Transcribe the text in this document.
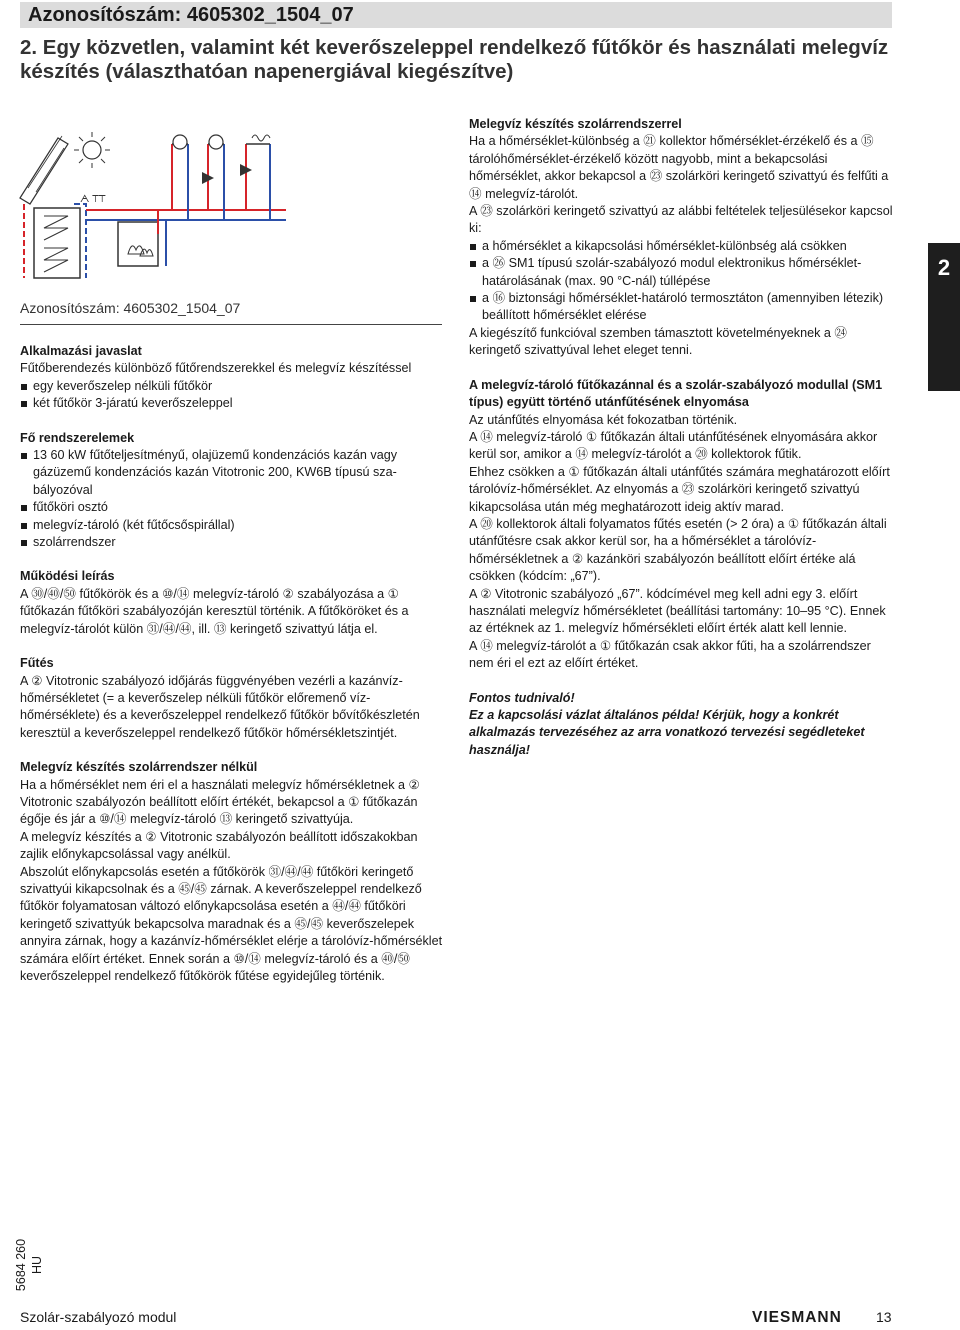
Azonosítószám: 4605302_1504_07
2. Egy közvetlen, valamint két keverőszeleppel rendelkező fűtőkör és használati melegvíz készítés (választhatóan napenergiával kiegészítve)
ᗅ ⊤⊤
Azonosítószám: 4605302_1504_07

Alkalmazási javaslat

Fűtőberendezés különböző fűtőrendszerekkel és melegvíz készítéssel

egy keverőszelep nélküli fűtőkör

két fűtőkör 3-járatú keverőszeleppel

Fő rendszerelemek

13 60 kW fűtőteljesítményű, olajüzemű kondenzációs kazán vagy gázüzemű kondenzációs kazán Vitotronic 200, KW6B típusú szabályozóval

fűtőköri osztó

melegvíz-tároló (két fűtőcsőspirállal)

szolárrendszer

Működési leírás

A ㉚/㊵/㊿ fűtőkörök és a ⑩/⑭ melegvíz-tároló ② szabályozása a ① fűtőkazán fűtőköri szabályozóján keresztül történik. A fűtőköröket és a melegvíz-tárolót külön ㉛/㊹/㊹, ill. ⑬ keringető szivattyú látja el.

Fűtés

A ② Vitotronic szabályozó időjárás függvényében vezérli a kazánvíz-hőmérsékletet (= a keverőszelep nélküli fűtőkör előremenő vízhőmérséklete) és a keverőszeleppel rendelkező fűtőkör bővítőkészletén keresztül a keverőszeleppel rendelkező fűtőkör hőmérsékletszintjét.

Melegvíz készítés szolárrendszer nélkül

Ha a hőmérséklet nem éri el a használati melegvíz hőmérsékletnek a ② Vitotronic szabályozón beállított előírt értékét, bekapcsol a ① fűtőkazán égője és jár a ⑩/⑭ melegvíz-tároló ⑬ keringető szivattyúja.

A melegvíz készítés a ② Vitotronic szabályozón beállított időszakokban zajlik előnykapcsolással vagy anélkül.

Abszolút előnykapcsolás esetén a fűtőkörök ㉛/㊹/㊹ fűtőköri keringető szivattyúi kikapcsolnak és a ㊺/㊺ zárnak. A keverőszeleppel rendelkező fűtőkör folyamatosan változó előnykapcsolása esetén a ㊹/㊹ fűtőköri keringető szivattyúk bekapcsolva maradnak és a ㊺/㊺ keverőszelepek annyira zárnak, hogy a kazánvíz-hőmérséklet elérje a tárolóvíz-hőmérséklet számára előírt értéket. Ennek során a ⑩/⑭ melegvíz-tároló és a ㊵/㊿ keverőszeleppel rendelkező fűtőkörök fűtése egyidejűleg történik.

Melegvíz készítés szolárrendszerrel

Ha a hőmérséklet-különbség a ㉑ kollektor hőmérséklet-érzékelő és a ⑮ tárolóhőmérséklet-érzékelő között nagyobb, mint a bekapcsolási hőmérséklet, akkor bekapcsol a ㉓ szolárköri keringető szivattyú és felfűti a ⑭ melegvíz-tárolót.

A ㉓ szolárköri keringető szivattyú az alábbi feltételek teljesülésekor kapcsol ki:

a hőmérséklet a kikapcsolási hőmérséklet-különbség alá csökken

a ㉖ SM1 típusú szolár-szabályozó modul elektronikus hőmérséklet-határolásának (max. 90 °C-nál) túllépése

a ⑯ biztonsági hőmérséklet-határoló termosztáton (amennyiben létezik) beállított hőmérséklet elérése

A kiegészítő funkcióval szemben támasztott követelményeknek a ㉔ keringető szivattyúval lehet eleget tenni.

A melegvíz-tároló fűtőkazánnal és a szolár-szabályozó modullal (SM1 típus) együtt történő utánfűtésének elnyomása

Az utánfűtés elnyomása két fokozatban történik.

A ⑭ melegvíz-tároló ① fűtőkazán általi utánfűtésének elnyomására akkor kerül sor, amikor a ⑭ melegvíz-tárolót a ⑳ kollektorok fűtik.

Ehhez csökken a ① fűtőkazán általi utánfűtés számára meghatározott előírt tárolóvíz-hőmérséklet. Az elnyomás a ㉓ szolárköri keringető szivattyú kikapcsolása után még meghatározott ideig aktív marad.

A ⑳ kollektorok általi folyamatos fűtés esetén (> 2 óra) a ① fűtőkazán általi utánfűtésre csak akkor kerül sor, ha a hőmérséklet a tárolóvíz-hőmérsékletnek a ② kazánköri szabályozón beállított előírt értéke alá csökken (kódcím: „67”).

A ② Vitotronic szabályozó „67”. kódcímével meg kell adni egy 3. előírt használati melegvíz hőmérsékletet (beállítási tartomány: 10–95 °C). Ennek az értéknek az 1. melegvíz hőmérsékleti előírt érték alatt kell lennie.

A ⑭ melegvíz-tárolót a ① fűtőkazán csak akkor fűti, ha a szolárrendszer nem éri el ezt az előírt értéket.

Fontos tudnivaló!

Ez a kapcsolási vázlat általános példa! Kérjük, hogy a konkrét alkalmazás tervezéséhez az arra vonatkozó tervezési segédleteket használja!

2
5684 260 HU
Szolár-szabályozó modul	VIESMANN 13
